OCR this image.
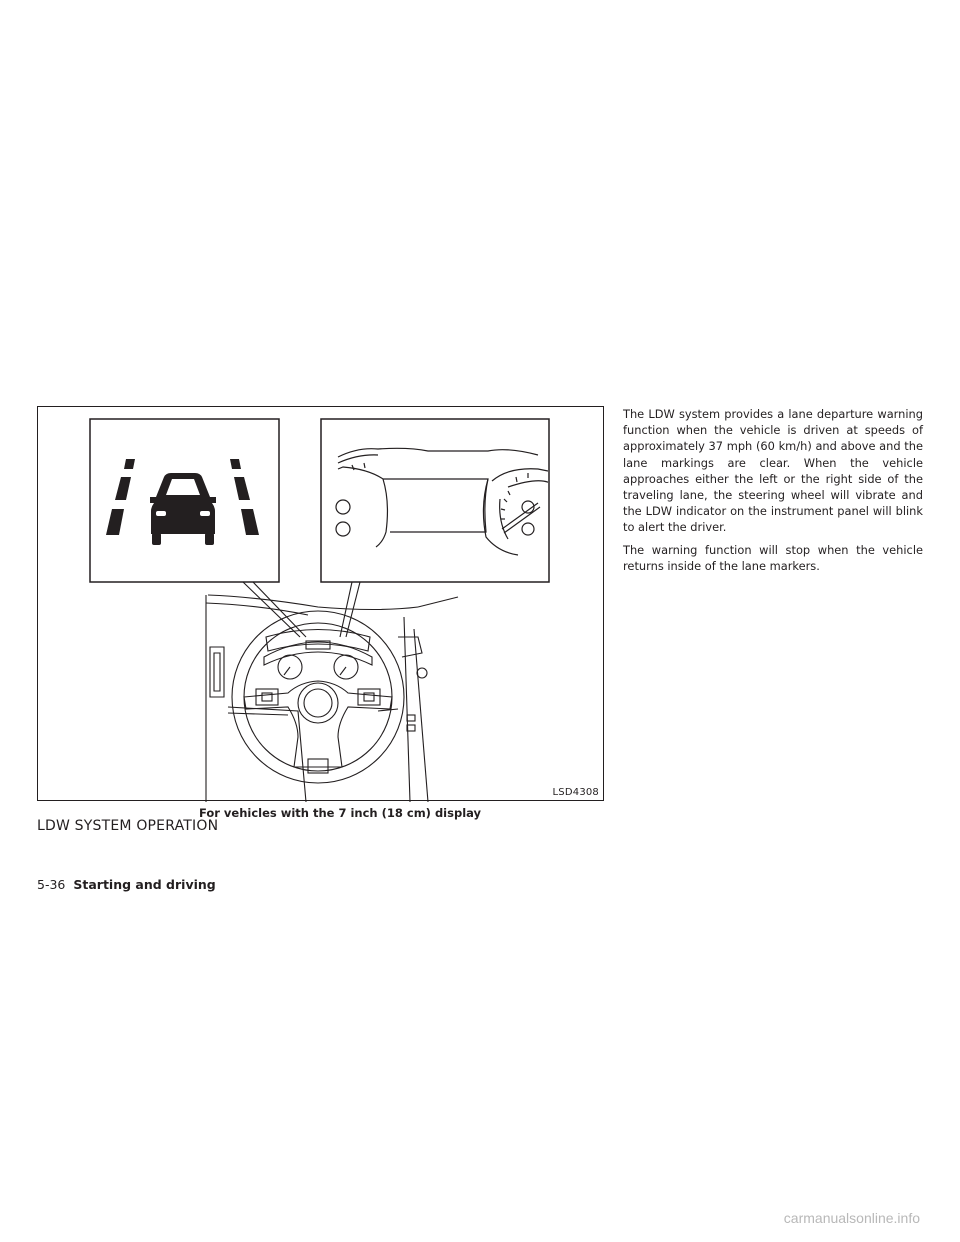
LSD4308
For vehicles with the 7 inch (18 cm) display
LDW SYSTEM OPERATION

The LDW system provides a lane departure warning function when the vehicle is driven at speeds of approximately 37 mph (60 km/h) and above and the lane markings are clear. When the vehicle approaches either the left or the right side of the traveling lane, the steering wheel will vibrate and the LDW indicator on the instrument panel will blink to alert the driver.

The warning function will stop when the vehicle returns inside of the lane markers.

5-36 Starting and driving
carmanualsonline.info
